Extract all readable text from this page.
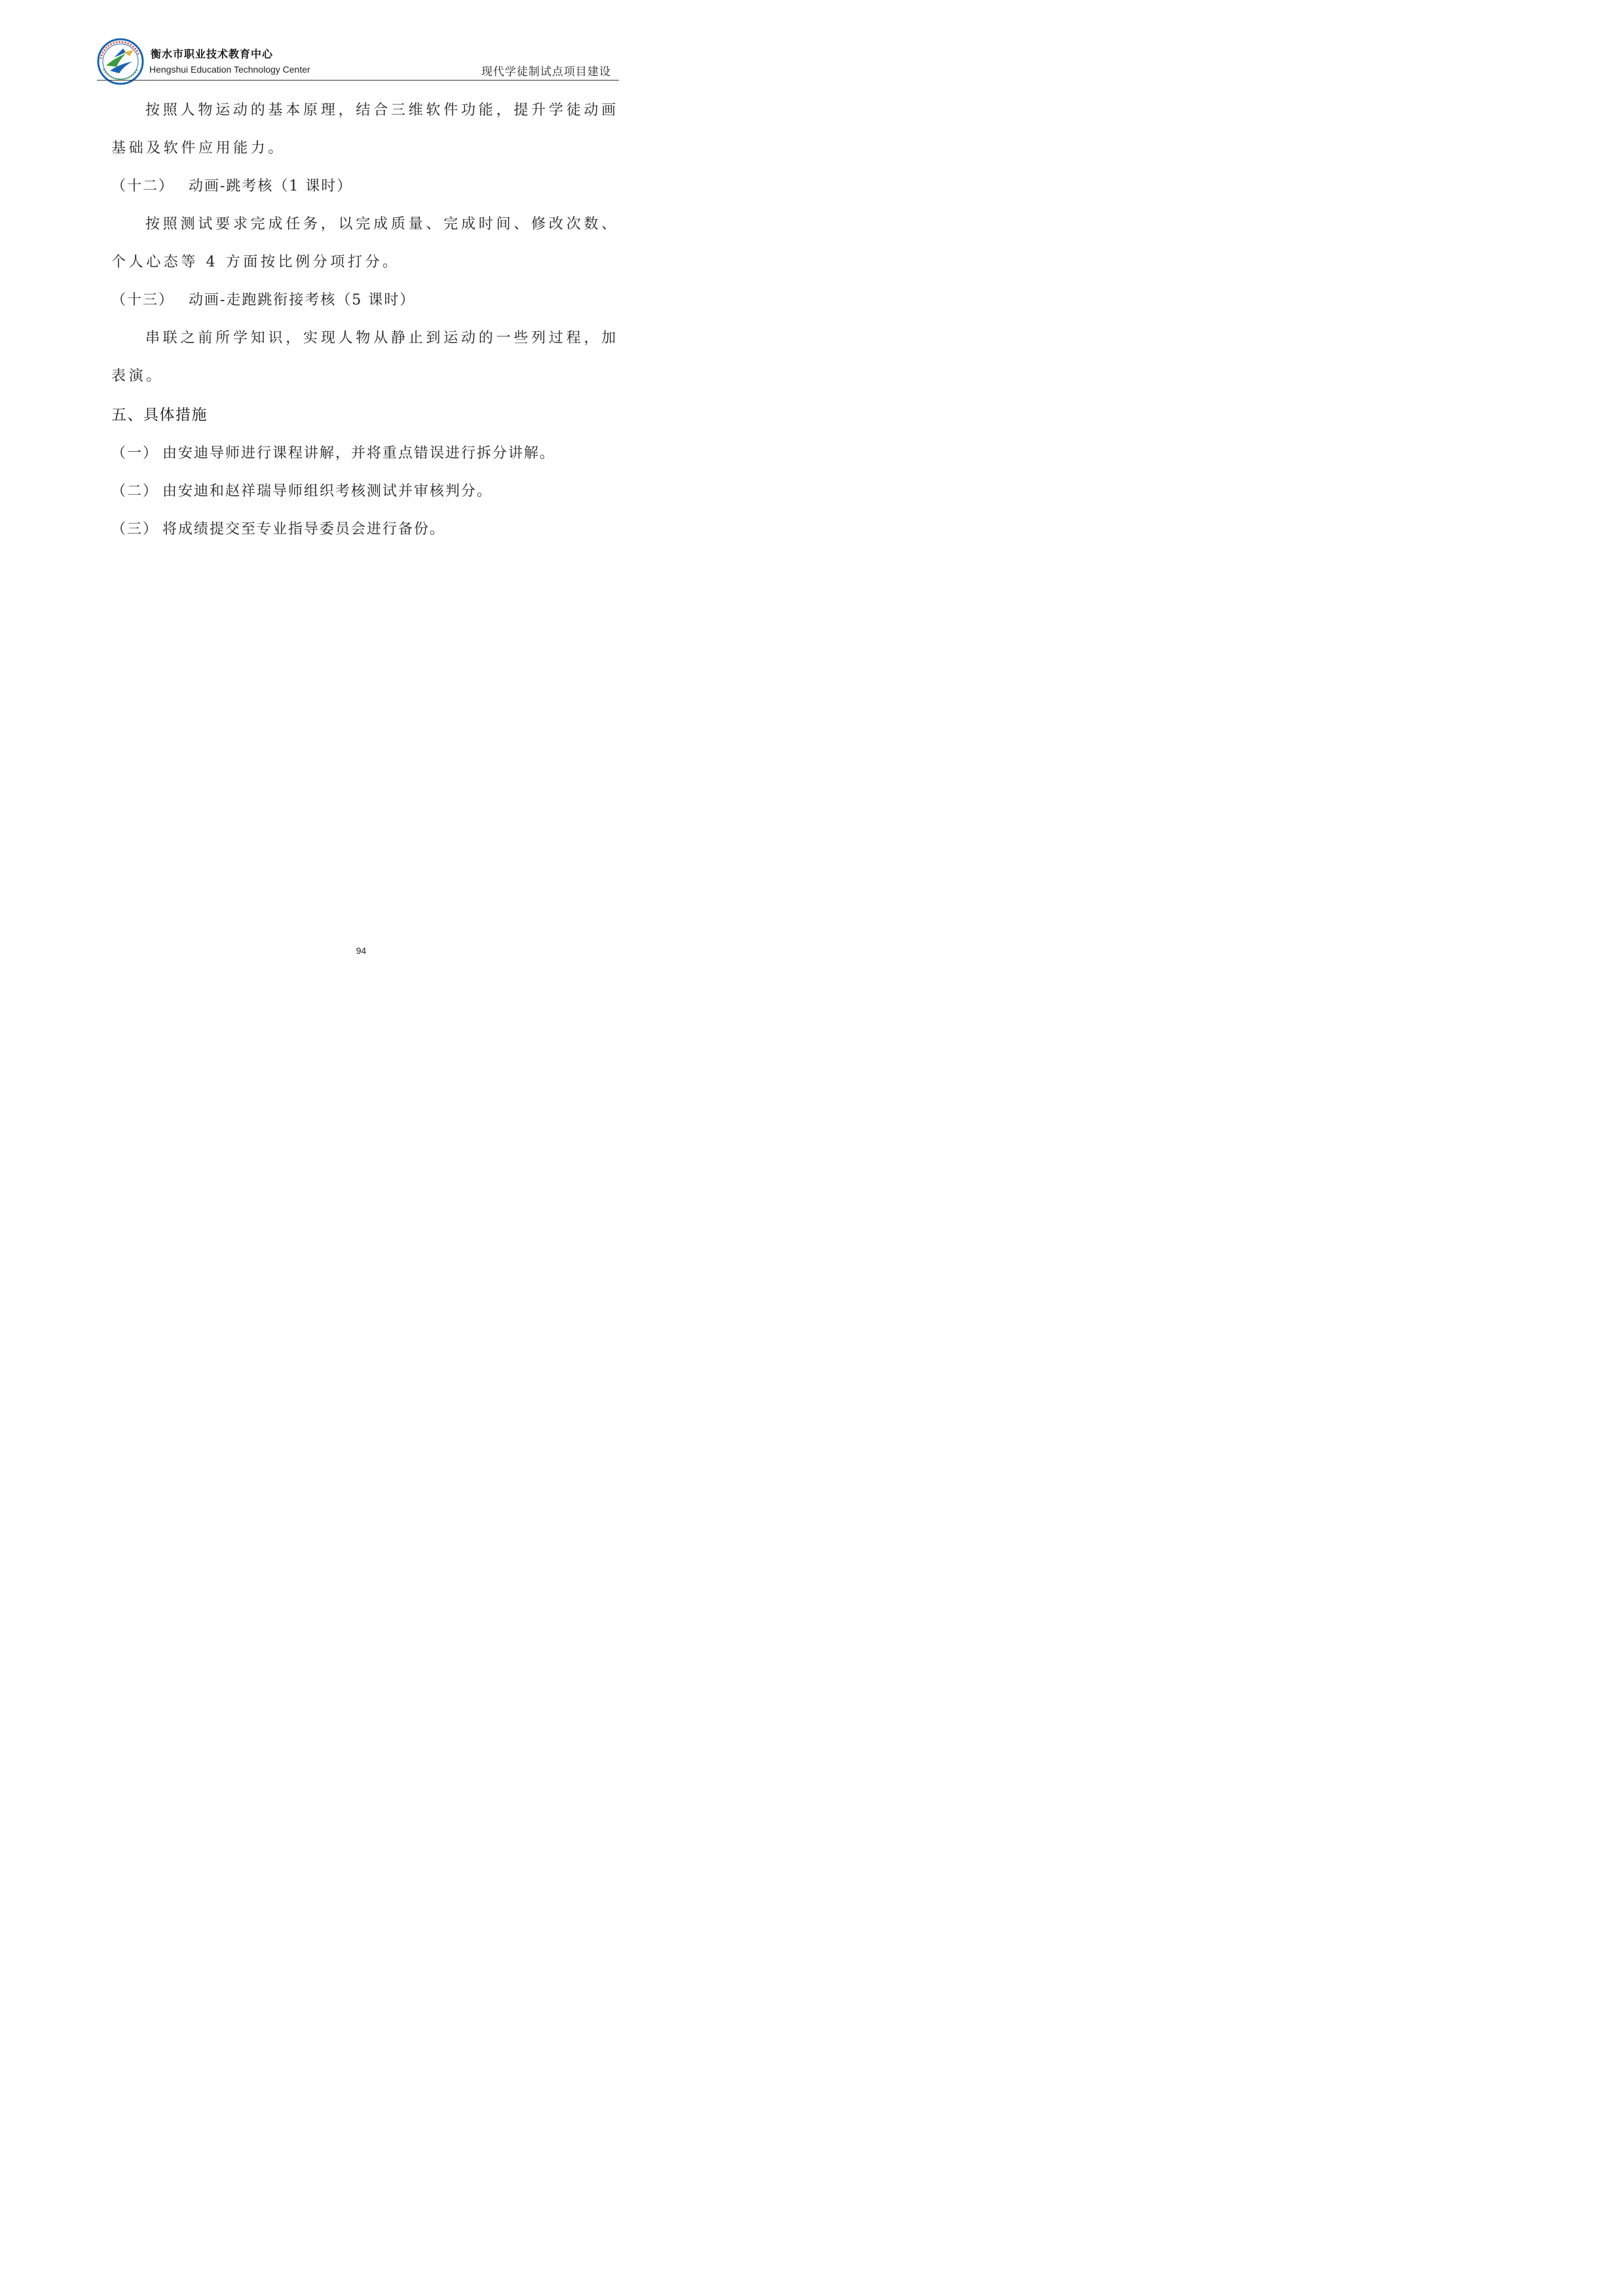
衡水市职业技术教育中心
Hengshui Education Technology Center	现代学徒制试点项目建设

按照人物运动的基本原理，结合三维软件功能，提升学徒动画基础及软件应用能力。

（十二） 动画-跳考核（1 课时）

按照测试要求完成任务，以完成质量、完成时间、修改次数、个人心态等 4 方面按比例分项打分。

（十三） 动画-走跑跳衔接考核（5 课时）

串联之前所学知识，实现人物从静止到运动的一些列过程，加表演。

五、具体措施

（一） 由安迪导师进行课程讲解，并将重点错误进行拆分讲解。

（二） 由安迪和赵祥瑞导师组织考核测试并审核判分。

（三） 将成绩提交至专业指导委员会进行备份。

94
